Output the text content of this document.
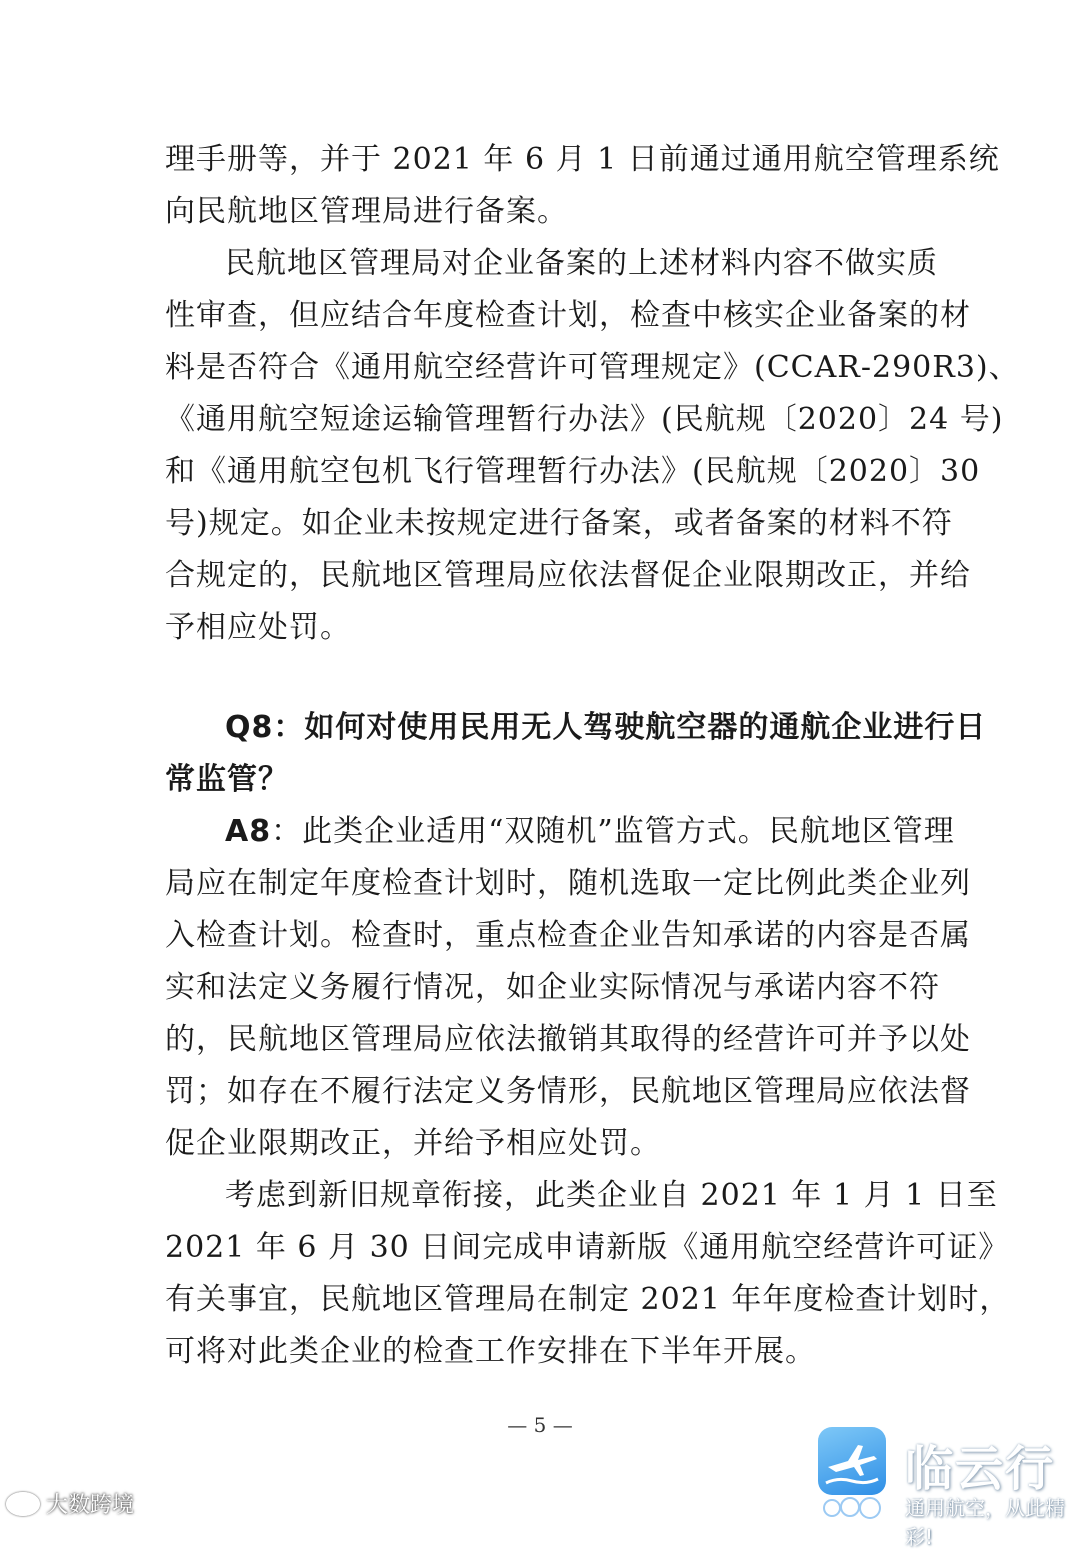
理手册等，并于 2021 年 6 月 1 日前通过通用航空管理系统
向民航地区管理局进行备案。
民航地区管理局对企业备案的上述材料内容不做实质
性审查，但应结合年度检查计划，检查中核实企业备案的材
料是否符合《通用航空经营许可管理规定》(CCAR-290R3)、
《通用航空短途运输管理暂行办法》(民航规〔2020〕24 号)
和《通用航空包机飞行管理暂行办法》(民航规〔2020〕30
号)规定。如企业未按规定进行备案，或者备案的材料不符
合规定的，民航地区管理局应依法督促企业限期改正，并给
予相应处罚。
Q8：如何对使用民用无人驾驶航空器的通航企业进行日
常监管？
A8 ：此类企业适用“双随机”监管方式。民航地区管理
局应在制定年度检查计划时，随机选取一定比例此类企业列
入检查计划。检查时，重点检查企业告知承诺的内容是否属
实和法定义务履行情况，如企业实际情况与承诺内容不符
的，民航地区管理局应依法撤销其取得的经营许可并予以处
罚；如存在不履行法定义务情形，民航地区管理局应依法督
促企业限期改正，并给予相应处罚。
考虑到新旧规章衔接，此类企业自 2021 年 1 月 1 日至
2021 年 6 月 30 日间完成申请新版《通用航空经营许可证》
有关事宜，民航地区管理局在制定 2021 年年度检查计划时，
可将对此类企业的检查工作安排在下半年开展。
— 5 —
大数跨境
临云行
通用航空，从此精彩!
